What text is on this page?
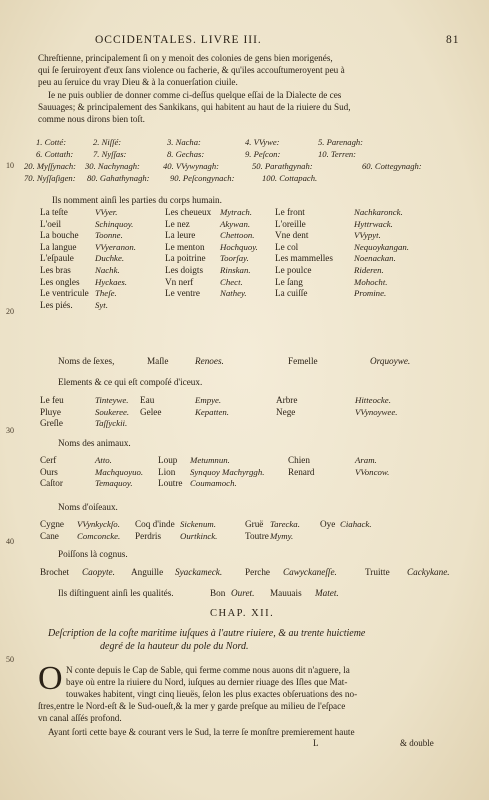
OCCIDENTALES. LIVRE III.	81
Chreſtienne, principalement ſi on y menoit des colonies de gens bien morigenés,
qui ſe ſeruiroyent d'eux ſans violence ou facherie, & qu'iles accouſtumeroyent peu à
peu au ſeruice du vray Dieu & à la conuerſation ciuile.
Ie ne puis oublier de donner comme ci-deſſus quelque eſſai de la Dialecte de ces
Sauuages; & principalement des Sankikans, qui habitent au haut de la riuiere du Sud,
comme nous dirons bien toſt.
1. Cotté:	2. Niſſé:	3. Nacha:	4. VVywe:	5. Parenagh:
6. Cottath: 7. Nyſſas:	8. Gechas:	9. Peſcon:	10. Terren:
10 20. Myſſynach: 30. Nachynagh:	40. VVywynagh:	50. Parathgynah:	60. Cottegynagh:
70. Nyſſaſigen: 80. Gahathynagh: 90. Peſcongynach:	100. Cottapach.
Ils nomment ainſi les parties du corps humain.
20
Noms de ſexes,	Maſle	Renoes.	Femelle	Orquoywe.
Elements & ce qui eſt compoſé d'iceux.
30
Noms des animaux.
Noms d'oiſeaux.
40
Poiſſons là cognus.
Brochet Caopyte. Anguille Syackameck. Perche Cawyckaneſſe.	Truitte Cackykane.
Ils diſtinguent ainſi les qualités.	Bon Ouret. Mauuais Matet.
CHAP. XII.
Deſcription de la coſte maritime iuſques à l'autre riuiere, & au trente huictieme
degré de la hauteur du pole du Nord.
50
O N conte depuis le Cap de Sable, qui ferme comme nous auons dit n'aguere, la
baye où entre la riuiere du Nord, iuſques au dernier riuage des Iſles que Mat-
touwakes habitent, vingt cinq lieuës, ſelon les plus exactes obſeruations des no-
ſtres,entre le Nord-eſt & le Sud-oueſt,& la mer y garde preſque au milieu de l'eſpace
vn canal aſſés profond.
Ayant ſorti cette baye & courant vers le Sud, la terre ſe monſtre premierement haute
L	& double
La teſte	VVyer.	Les cheueux Mytrach. Le front	Nachkaronck.
L'oeil	Schinquoy.	Le nez	Akywan.	L'oreille	Hyttrwack.
La bouche Toonne.	La leure	Chettoon. Vne dent	VVypyt.
La langue VVyeranon.	Le menton Hochquoy. Le col	Nequoykangan.
L'eſpaule Duchke.	La poitrine Toorſay.	Les mammelles Noenackan.
Les bras	Nachk.	Les doigts Rinskan.	Le poulce	Rideren.
Les ongles Hyckaes.	Vn nerf	Chect.	Le ſang	Mohocht.
Le ventricule Theſe.	Le ventre Nathey.	La cuiſſe	Promine.
Les piés.	Syt.
Le feu	Tinteywe. Eau	Empye.	Arbre	Hitteocke.
Pluye	Soukeree. Gelee	Kepatten.	Nege	VVynoywee.
Greſle	Taſſyckii.
Cerf	Atto.	Loup Metumnun.	Chien	Aram.
Ours	Machquoyuo. Lion Synquoy Machyrggh.	Renard	VVoncow.
Caſtor	Temaquoy.	Loutre Coumamoch.
Cygne VVynkyckſo. Coq d'inde Sickenum.	Gruë Tarecka. Oye Ciahack.
Cane Comconcke. Perdris Ourtkinck.	Toutre Mymy.
